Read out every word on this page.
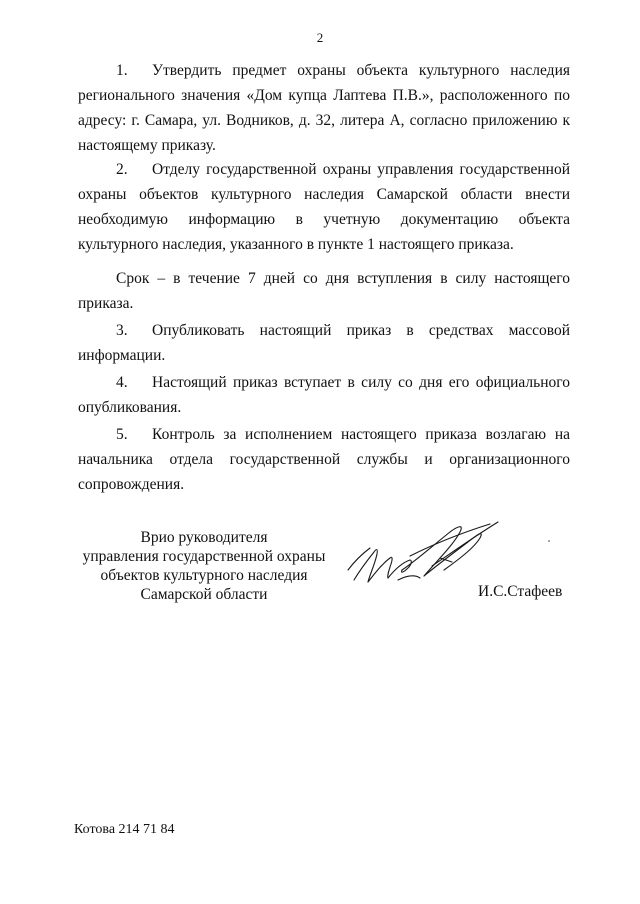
2
1. Утвердить предмет охраны объекта культурного наследия регионального значения «Дом купца Лаптева П.В.», расположенного по адресу: г. Самара, ул. Водников, д. 32, литера А, согласно приложению к настоящему приказу.
2. Отделу государственной охраны управления государственной охраны объектов культурного наследия Самарской области внести необходимую информацию в учетную документацию объекта культурного наследия, указанного в пункте 1 настоящего приказа.
Срок – в течение 7 дней со дня вступления в силу настоящего приказа.
3. Опубликовать настоящий приказ в средствах массовой информации.
4. Настоящий приказ вступает в силу со дня его официального опубликования.
5. Контроль за исполнением настоящего приказа возлагаю на начальника отдела государственной службы и организационного сопровождения.
Врио руководителя
управления государственной охраны
объектов культурного наследия
Самарской области	И.С.Стафеев
Котова 214 71 84
